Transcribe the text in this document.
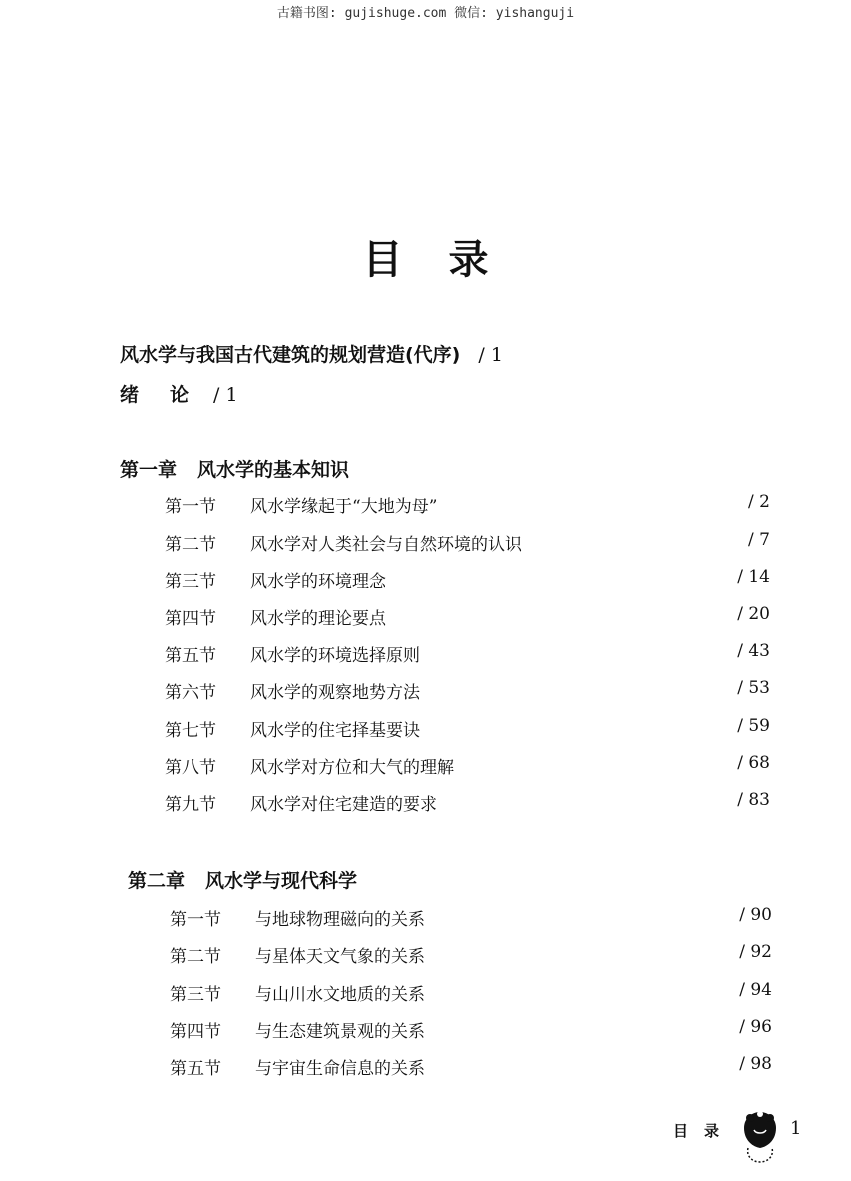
古籍书图: gujishuge.com 微信: yishanguji
目录
风水学与我国古代建筑的规划营造(代序) / 1
绪　论 / 1
第一章 风水学的基本知识
第一节 风水学缘起于“大地为母”	/ 2
第二节 风水学对人类社会与自然环境的认识	/ 7
第三节 风水学的环境理念	/ 14
第四节 风水学的理论要点	/ 20
第五节 风水学的环境选择原则	/ 43
第六节 风水学的观察地势方法	/ 53
第七节 风水学的住宅择基要诀	/ 59
第八节 风水学对方位和大气的理解	/ 68
第九节 风水学对住宅建造的要求	/ 83
第二章 风水学与现代科学
第一节 与地球物理磁向的关系	/ 90
第二节 与星体天文气象的关系	/ 92
第三节 与山川水文地质的关系	/ 94
第四节 与生态建筑景观的关系	/ 96
第五节 与宇宙生命信息的关系	/ 98
目录	1
